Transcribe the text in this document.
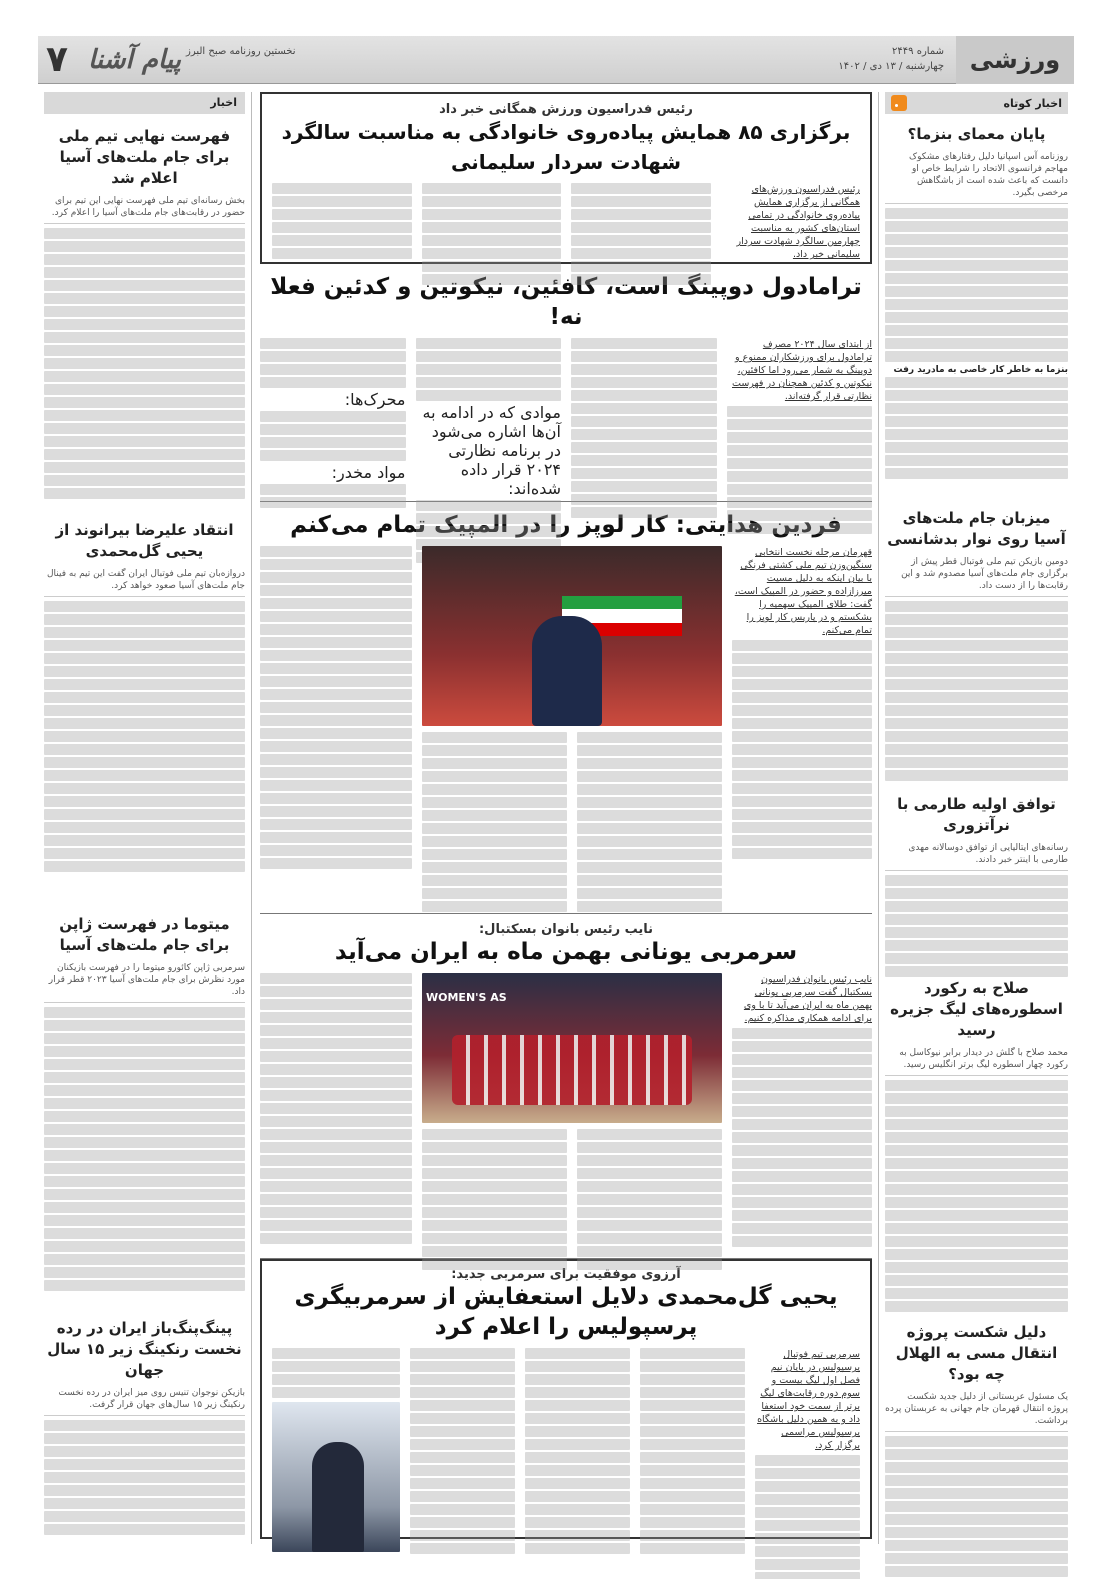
ورزشی
شماره ۲۴۴۹
چهارشنبه / ۱۳ دی / ۱۴۰۲
نخستین روزنامه صبح البرز
پیام آشنا
۷
اخبار کوتاه
پایان معمای بنزما؟
روزنامه آس اسپانیا دلیل رفتارهای مشکوک مهاجم فرانسوی الاتحاد را شرایط خاص او دانست که باعث شده است از باشگاهش مرخصی بگیرد.
بنزما به خاطر کار خاصی به مادرید رفت
میزبان جام ملت‌های آسیا روی نوار بدشانسی
دومین بازیکن تیم ملی فوتبال قطر پیش از برگزاری جام ملت‌های آسیا مصدوم شد و این رقابت‌ها را از دست داد.
توافق اولیه طارمی با نرآتزوری
رسانه‌های ایتالیایی از توافق دوسالانه مهدی طارمی با اینتر خبر دادند.
صلاح به رکورد اسطوره‌های لیگ جزیره رسید
محمد صلاح با گلش در دیدار برابر نیوکاسل به رکورد چهار اسطوره لیگ برتر انگلیس رسید.
دلیل شکست پروژه انتقال مسی به الهلال چه بود؟
یک مسئول عربستانی از دلیل جدید شکست پروژه انتقال قهرمان جام جهانی به عربستان پرده برداشت.
اخبار
فهرست نهایی تیم ملی برای جام ملت‌های آسیا اعلام شد
بخش رسانه‌ای تیم ملی فهرست نهایی این تیم برای حضور در رقابت‌های جام ملت‌های آسیا را اعلام کرد.
انتقاد علیرضا بیرانوند از یحیی گل‌محمدی
دروازه‌بان تیم ملی فوتبال ایران گفت این تیم به فینال جام ملت‌های آسیا صعود خواهد کرد.
میتوما در فهرست ژاپن برای جام ملت‌های آسیا
سرمربی ژاپن کائورو میتوما را در فهرست بازیکنان مورد نظرش برای جام ملت‌های آسیا ۲۰۲۳ قطر قرار داد.
پینگ‌پنگ‌باز ایران در رده نخست رنکینگ زیر ۱۵ سال جهان
بازیکن نوجوان تنیس روی میز ایران در رده نخست رنکینگ زیر ۱۵ سال‌های جهان قرار گرفت.
رئیس فدراسیون ورزش همگانی خبر داد
برگزاری ۸۵ همایش پیاده‌روی خانوادگی به مناسبت سالگرد شهادت سردار سلیمانی
رئیس فدراسیون ورزش‌های همگانی از برگزاری همایش پیاده‌روی خانوادگی در تمامی استان‌های کشور به مناسبت چهارمین سالگرد شهادت سردار سلیمانی خبر داد.
ترامادول دوپینگ است، کافئین، نیکوتین و کدئین فعلا نه!
از ابتدای سال ۲۰۲۴ مصرف ترامادول برای ورزشکاران ممنوع و دوپینگ به شمار می‌رود اما کافئین، نیکوتین و کدئین همچنان در فهرست نظارتی قرار گرفته‌اند.
موادی که در ادامه به آن‌ها اشاره می‌شود در برنامه نظارتی ۲۰۲۴ قرار داده شده‌اند:
محرک‌ها:
مواد مخدر:
فردین هدایتی: کار لوپز را در المپیک تمام می‌کنم
قهرمان مرحله نخست انتخابی سنگین‌وزن تیم ملی کشتی فرنگی با بیان اینکه به دلیل مسیت میرزازاده و حضور در المپیک است، گفت: طلای المپیک سهمیه را بشکستم و در پاریس کار لوپز را تمام می‌کنم.
نایب رئیس بانوان بسکتبال:
سرمربی یونانی بهمن ماه به ایران می‌آید
نایب رئیس بانوان فدراسیون بسکتبال گفت سرمربی یونانی بهمن ماه به ایران می‌آید تا با وی برای ادامه همکاری مذاکره کنیم.
WOMEN'S AS
آرزوی موفقیت برای سرمربی جدید:
یحیی گل‌محمدی دلایل استعفایش از سرمربیگری پرسپولیس را اعلام کرد
سرمربی تیم فوتبال پرسپولیس در پایان نیم فصل اول لیگ بیست و سوم دوره رقابت‌های لیگ برتر از سمت خود استعفا داد و به همین دلیل باشگاه پرسپولیس مراسمی برگزار کرد.
